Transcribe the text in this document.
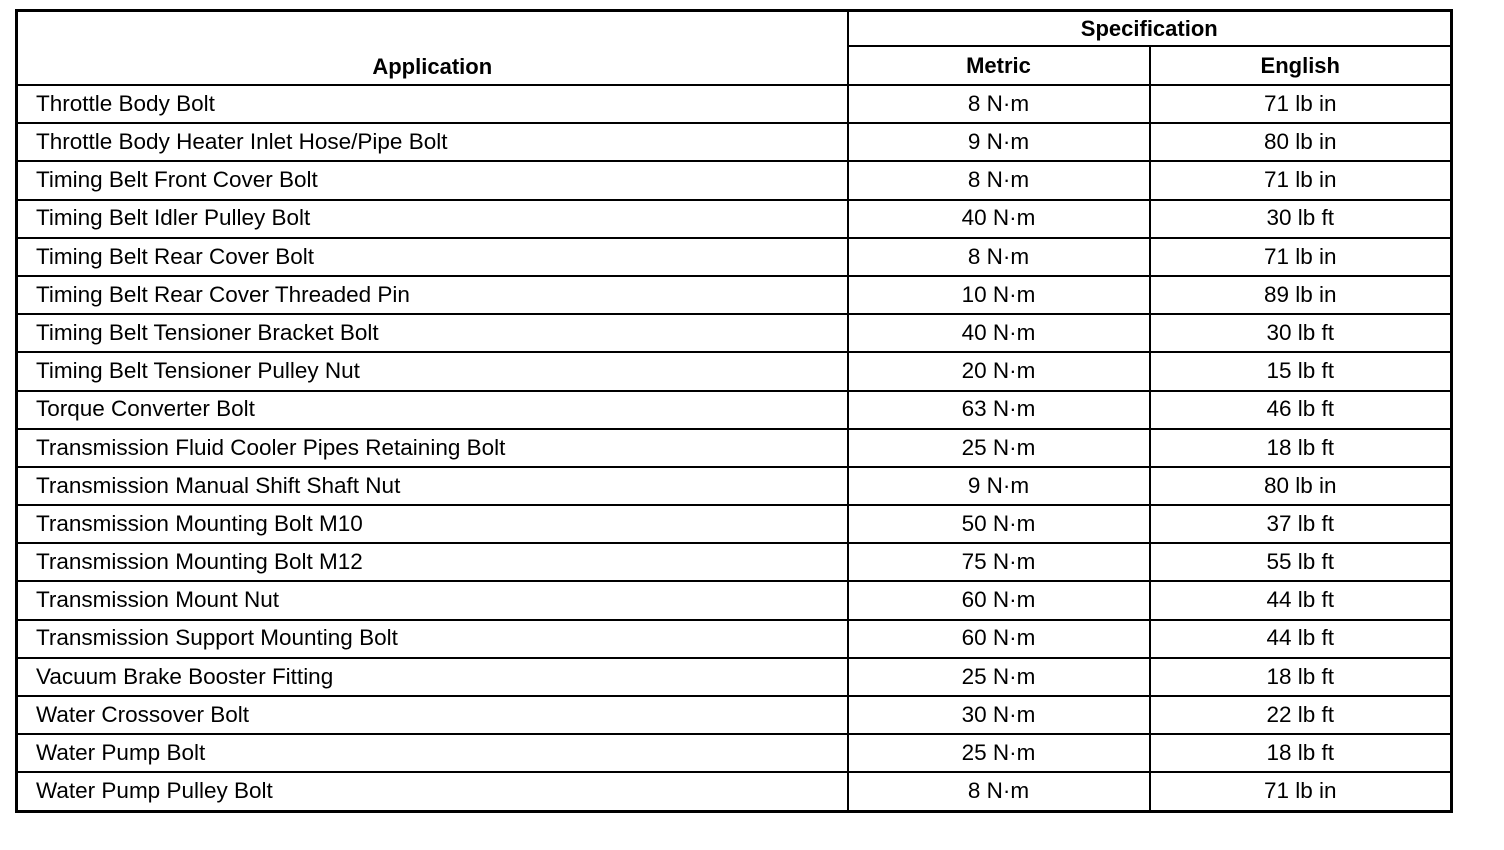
Application	Specification	
	Metric	English
Throttle Body Bolt	8 N·m	71 lb in
Throttle Body Heater Inlet Hose/Pipe Bolt	9 N·m	80 lb in
Timing Belt Front Cover Bolt	8 N·m	71 lb in
Timing Belt Idler Pulley Bolt	40 N·m	30 lb ft
Timing Belt Rear Cover Bolt	8 N·m	71 lb in
Timing Belt Rear Cover Threaded Pin	10 N·m	89 lb in
Timing Belt Tensioner Bracket Bolt	40 N·m	30 lb ft
Timing Belt Tensioner Pulley Nut	20 N·m	15 lb ft
Torque Converter Bolt	63 N·m	46 lb ft
Transmission Fluid Cooler Pipes Retaining Bolt	25 N·m	18 lb ft
Transmission Manual Shift Shaft Nut	9 N·m	80 lb in
Transmission Mounting Bolt M10	50 N·m	37 lb ft
Transmission Mounting Bolt M12	75 N·m	55 lb ft
Transmission Mount Nut	60 N·m	44 lb ft
Transmission Support Mounting Bolt	60 N·m	44 lb ft
Vacuum Brake Booster Fitting	25 N·m	18 lb ft
Water Crossover Bolt	30 N·m	22 lb ft
Water Pump Bolt	25 N·m	18 lb ft
Water Pump Pulley Bolt	8 N·m	71 lb in
